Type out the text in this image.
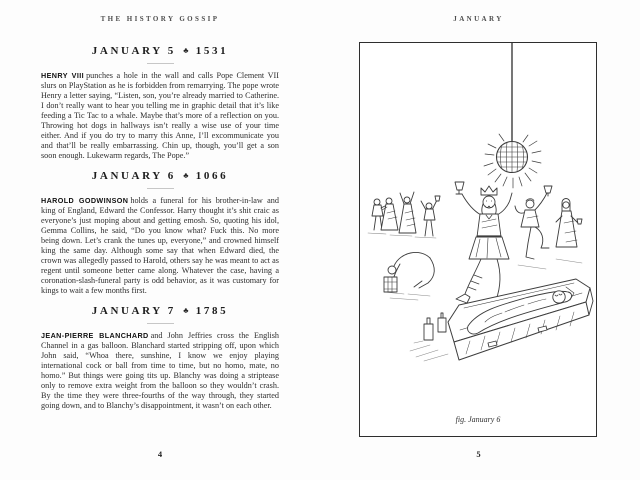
THE HISTORY GOSSIP
JANUARY 5 ♣ 1531

HENRY VIII punches a hole in the wall and calls Pope Clement VII slurs on PlayStation as he is forbidden from remarrying. The pope wrote Henry a letter saying, “Listen, son, you’re already married to Catherine. I don’t really want to hear you telling me in graphic detail that it’s like feeding a Tic Tac to a whale. Maybe that’s more of a reflection on you. Throwing hot dogs in hallways isn’t really a wise use of your time either. And if you do try to marry this Anne, I’ll excommunicate you and that’ll be really embarrassing. Chin up, though, you’ll get a son soon enough. Lukewarm regards, The Pope.”

JANUARY 6 ♣ 1066

HAROLD GODWINSON holds a funeral for his brother-in-law and king of England, Edward the Confessor. Harry thought it’s shit craic as everyone’s just moping about and getting emosh. So, quoting his idol, Gemma Collins, he said, “Do you know what? Fuck this. No more being down. Let’s crank the tunes up, everyone,” and crowned himself king the same day. Although some say that when Edward died, the crown was allegedly passed to Harold, others say he was meant to act as regent until someone better came along. Whatever the case, having a coronation-slash-funeral party is odd behavior, as it was customary for kings to wait a few months first.

JANUARY 7 ♣ 1785

JEAN-PIERRE BLANCHARD and John Jeffries cross the English Channel in a gas balloon. Blanchard started stripping off, upon which John said, “Whoa there, sunshine, I know we enjoy playing international cock or ball from time to time, but no homo, mate, no homo.” But things were going tits up. Blanchy was doing a striptease only to remove extra weight from the balloon so they wouldn’t crash. By the time they were three-fourths of the way through, they started going down, and to Blanchy’s disappointment, it wasn’t on each other.

4
JANUARY
fig. January 6
5
